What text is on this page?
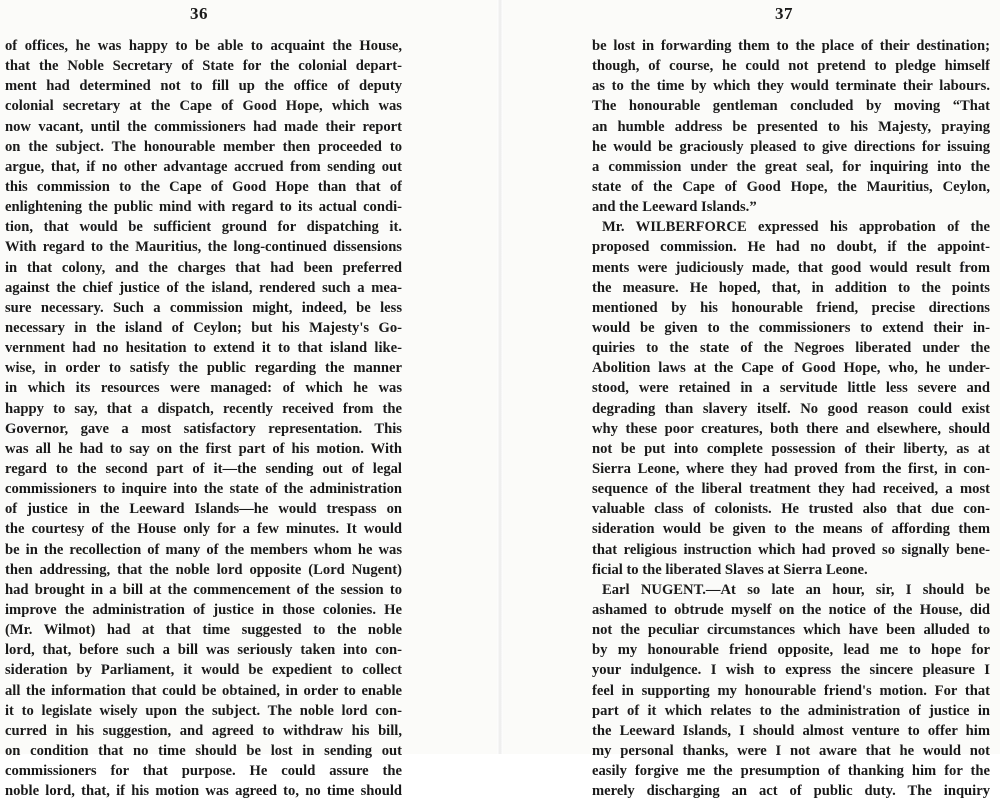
36
of offices, he was happy to be able to acquaint the House,
that the Noble Secretary of State for the colonial depart-
ment had determined not to fill up the office of deputy
colonial secretary at the Cape of Good Hope, which was
now vacant, until the commissioners had made their report
on the subject. The honourable member then proceeded to
argue, that, if no other advantage accrued from sending out
this commission to the Cape of Good Hope than that of
enlightening the public mind with regard to its actual condi-
tion, that would be sufficient ground for dispatching it.
With regard to the Mauritius, the long-continued dissensions
in that colony, and the charges that had been preferred
against the chief justice of the island, rendered such a mea-
sure necessary. Such a commission might, indeed, be less
necessary in the island of Ceylon; but his Majesty's Go-
vernment had no hesitation to extend it to that island like-
wise, in order to satisfy the public regarding the manner
in which its resources were managed: of which he was
happy to say, that a dispatch, recently received from the
Governor, gave a most satisfactory representation. This
was all he had to say on the first part of his motion. With
regard to the second part of it—the sending out of legal
commissioners to inquire into the state of the administration
of justice in the Leeward Islands—he would trespass on
the courtesy of the House only for a few minutes. It would
be in the recollection of many of the members whom he was
then addressing, that the noble lord opposite (Lord Nugent)
had brought in a bill at the commencement of the session to
improve the administration of justice in those colonies. He
(Mr. Wilmot) had at that time suggested to the noble
lord, that, before such a bill was seriously taken into con-
sideration by Parliament, it would be expedient to collect
all the information that could be obtained, in order to enable
it to legislate wisely upon the subject. The noble lord con-
curred in his suggestion, and agreed to withdraw his bill,
on condition that no time should be lost in sending out
commissioners for that purpose. He could assure the
noble lord, that, if his motion was agreed to, no time should
37
be lost in forwarding them to the place of their destination;
though, of course, he could not pretend to pledge himself
as to the time by which they would terminate their labours.
The honourable gentleman concluded by moving “That
an humble address be presented to his Majesty, praying
he would be graciously pleased to give directions for issuing
a commission under the great seal, for inquiring into the
state of the Cape of Good Hope, the Mauritius, Ceylon,
and the Leeward Islands.”
Mr. WILBERFORCE expressed his approbation of the
proposed commission. He had no doubt, if the appoint-
ments were judiciously made, that good would result from
the measure. He hoped, that, in addition to the points
mentioned by his honourable friend, precise directions
would be given to the commissioners to extend their in-
quiries to the state of the Negroes liberated under the
Abolition laws at the Cape of Good Hope, who, he under-
stood, were retained in a servitude little less severe and
degrading than slavery itself. No good reason could exist
why these poor creatures, both there and elsewhere, should
not be put into complete possession of their liberty, as at
Sierra Leone, where they had proved from the first, in con-
sequence of the liberal treatment they had received, a most
valuable class of colonists. He trusted also that due con-
sideration would be given to the means of affording them
that religious instruction which had proved so signally bene-
ficial to the liberated Slaves at Sierra Leone.
Earl NUGENT.—At so late an hour, sir, I should be
ashamed to obtrude myself on the notice of the House, did
not the peculiar circumstances which have been alluded to
by my honourable friend opposite, lead me to hope for
your indulgence. I wish to express the sincere pleasure I
feel in supporting my honourable friend's motion. For that
part of it which relates to the administration of justice in
the Leeward Islands, I should almost venture to offer him
my personal thanks, were I not aware that he would not
easily forgive me the presumption of thanking him for the
merely discharging an act of public duty. The inquiry
